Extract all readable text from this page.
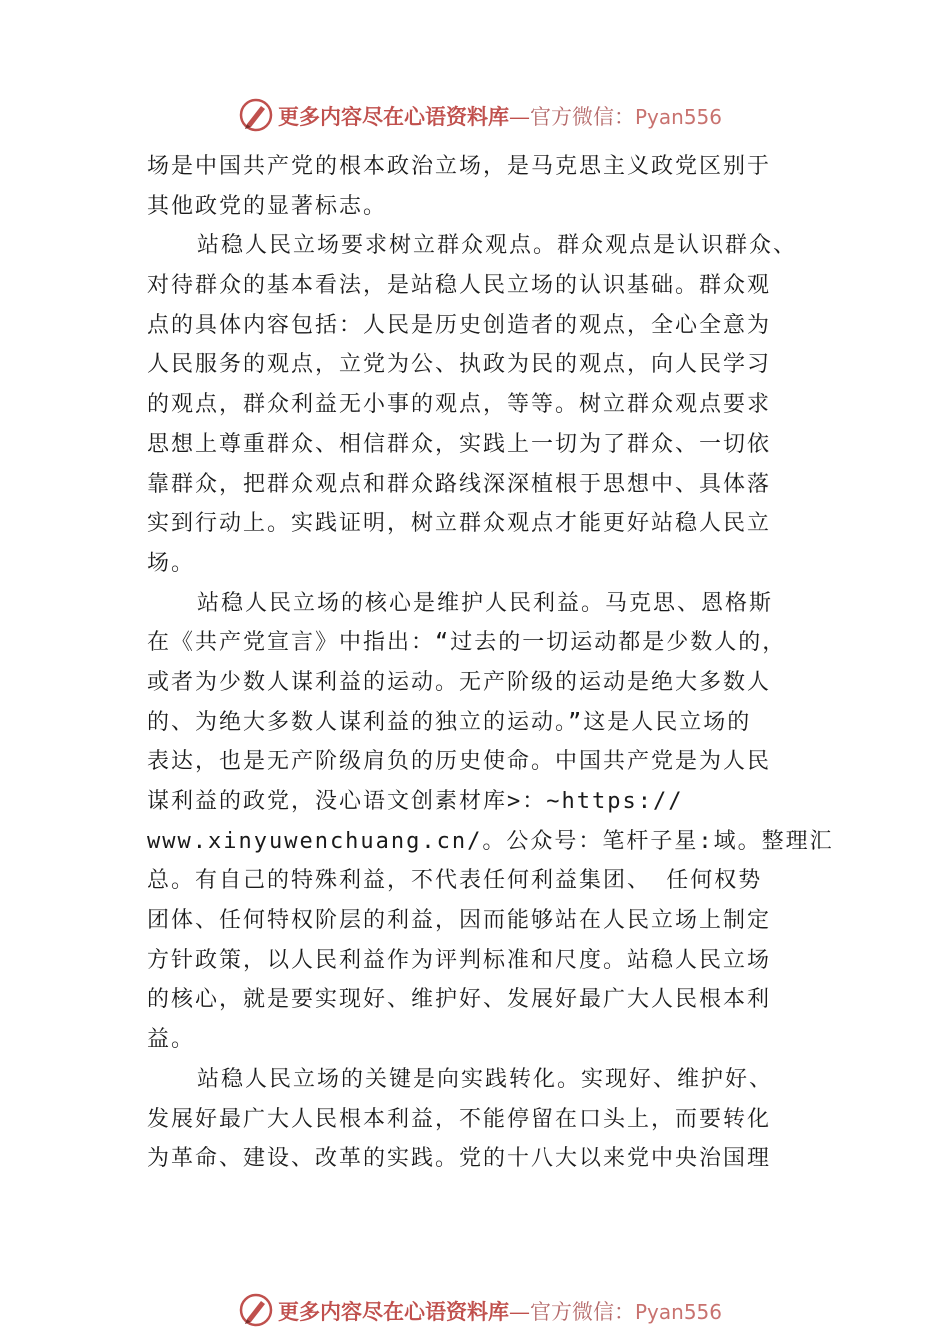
更多内容尽在心语资料库—官方微信：Pyan556
场是中国共产党的根本政治立场，是马克思主义政党区别于
其他政党的显著标志。
站稳人民立场要求树立群众观点。群众观点是认识群众、
对待群众的基本看法，是站稳人民立场的认识基础。群众观
点的具体内容包括：人民是历史创造者的观点，全心全意为
人民服务的观点，立党为公、执政为民的观点，向人民学习
的观点，群众利益无小事的观点，等等。树立群众观点要求
思想上尊重群众、相信群众，实践上一切为了群众、一切依
靠群众，把群众观点和群众路线深深植根于思想中、具体落
实到行动上。实践证明，树立群众观点才能更好站稳人民立
场。
站稳人民立场的核心是维护人民利益。马克思、恩格斯
在《共产党宣言》中指出：“过去的一切运动都是少数人的，
或者为少数人谋利益的运动。无产阶级的运动是绝大多数人
的、为绝大多数人谋利益的独立的运动。”这是人民立场的
表达，也是无产阶级肩负的历史使命。中国共产党是为人民
谋利益的政党，没心语文创素材库>：~https://
www.xinyuwenchuang.cn/。公众号：笔杆子星:域。整理汇
总。有自己的特殊利益，不代表任何利益集团、 任何权势
团体、任何特权阶层的利益，因而能够站在人民立场上制定
方针政策，以人民利益作为评判标准和尺度。站稳人民立场
的核心，就是要实现好、维护好、发展好最广大人民根本利
益。
站稳人民立场的关键是向实践转化。实现好、维护好、
发展好最广大人民根本利益，不能停留在口头上，而要转化
为革命、建设、改革的实践。党的十八大以来党中央治国理
更多内容尽在心语资料库—官方微信：Pyan556
